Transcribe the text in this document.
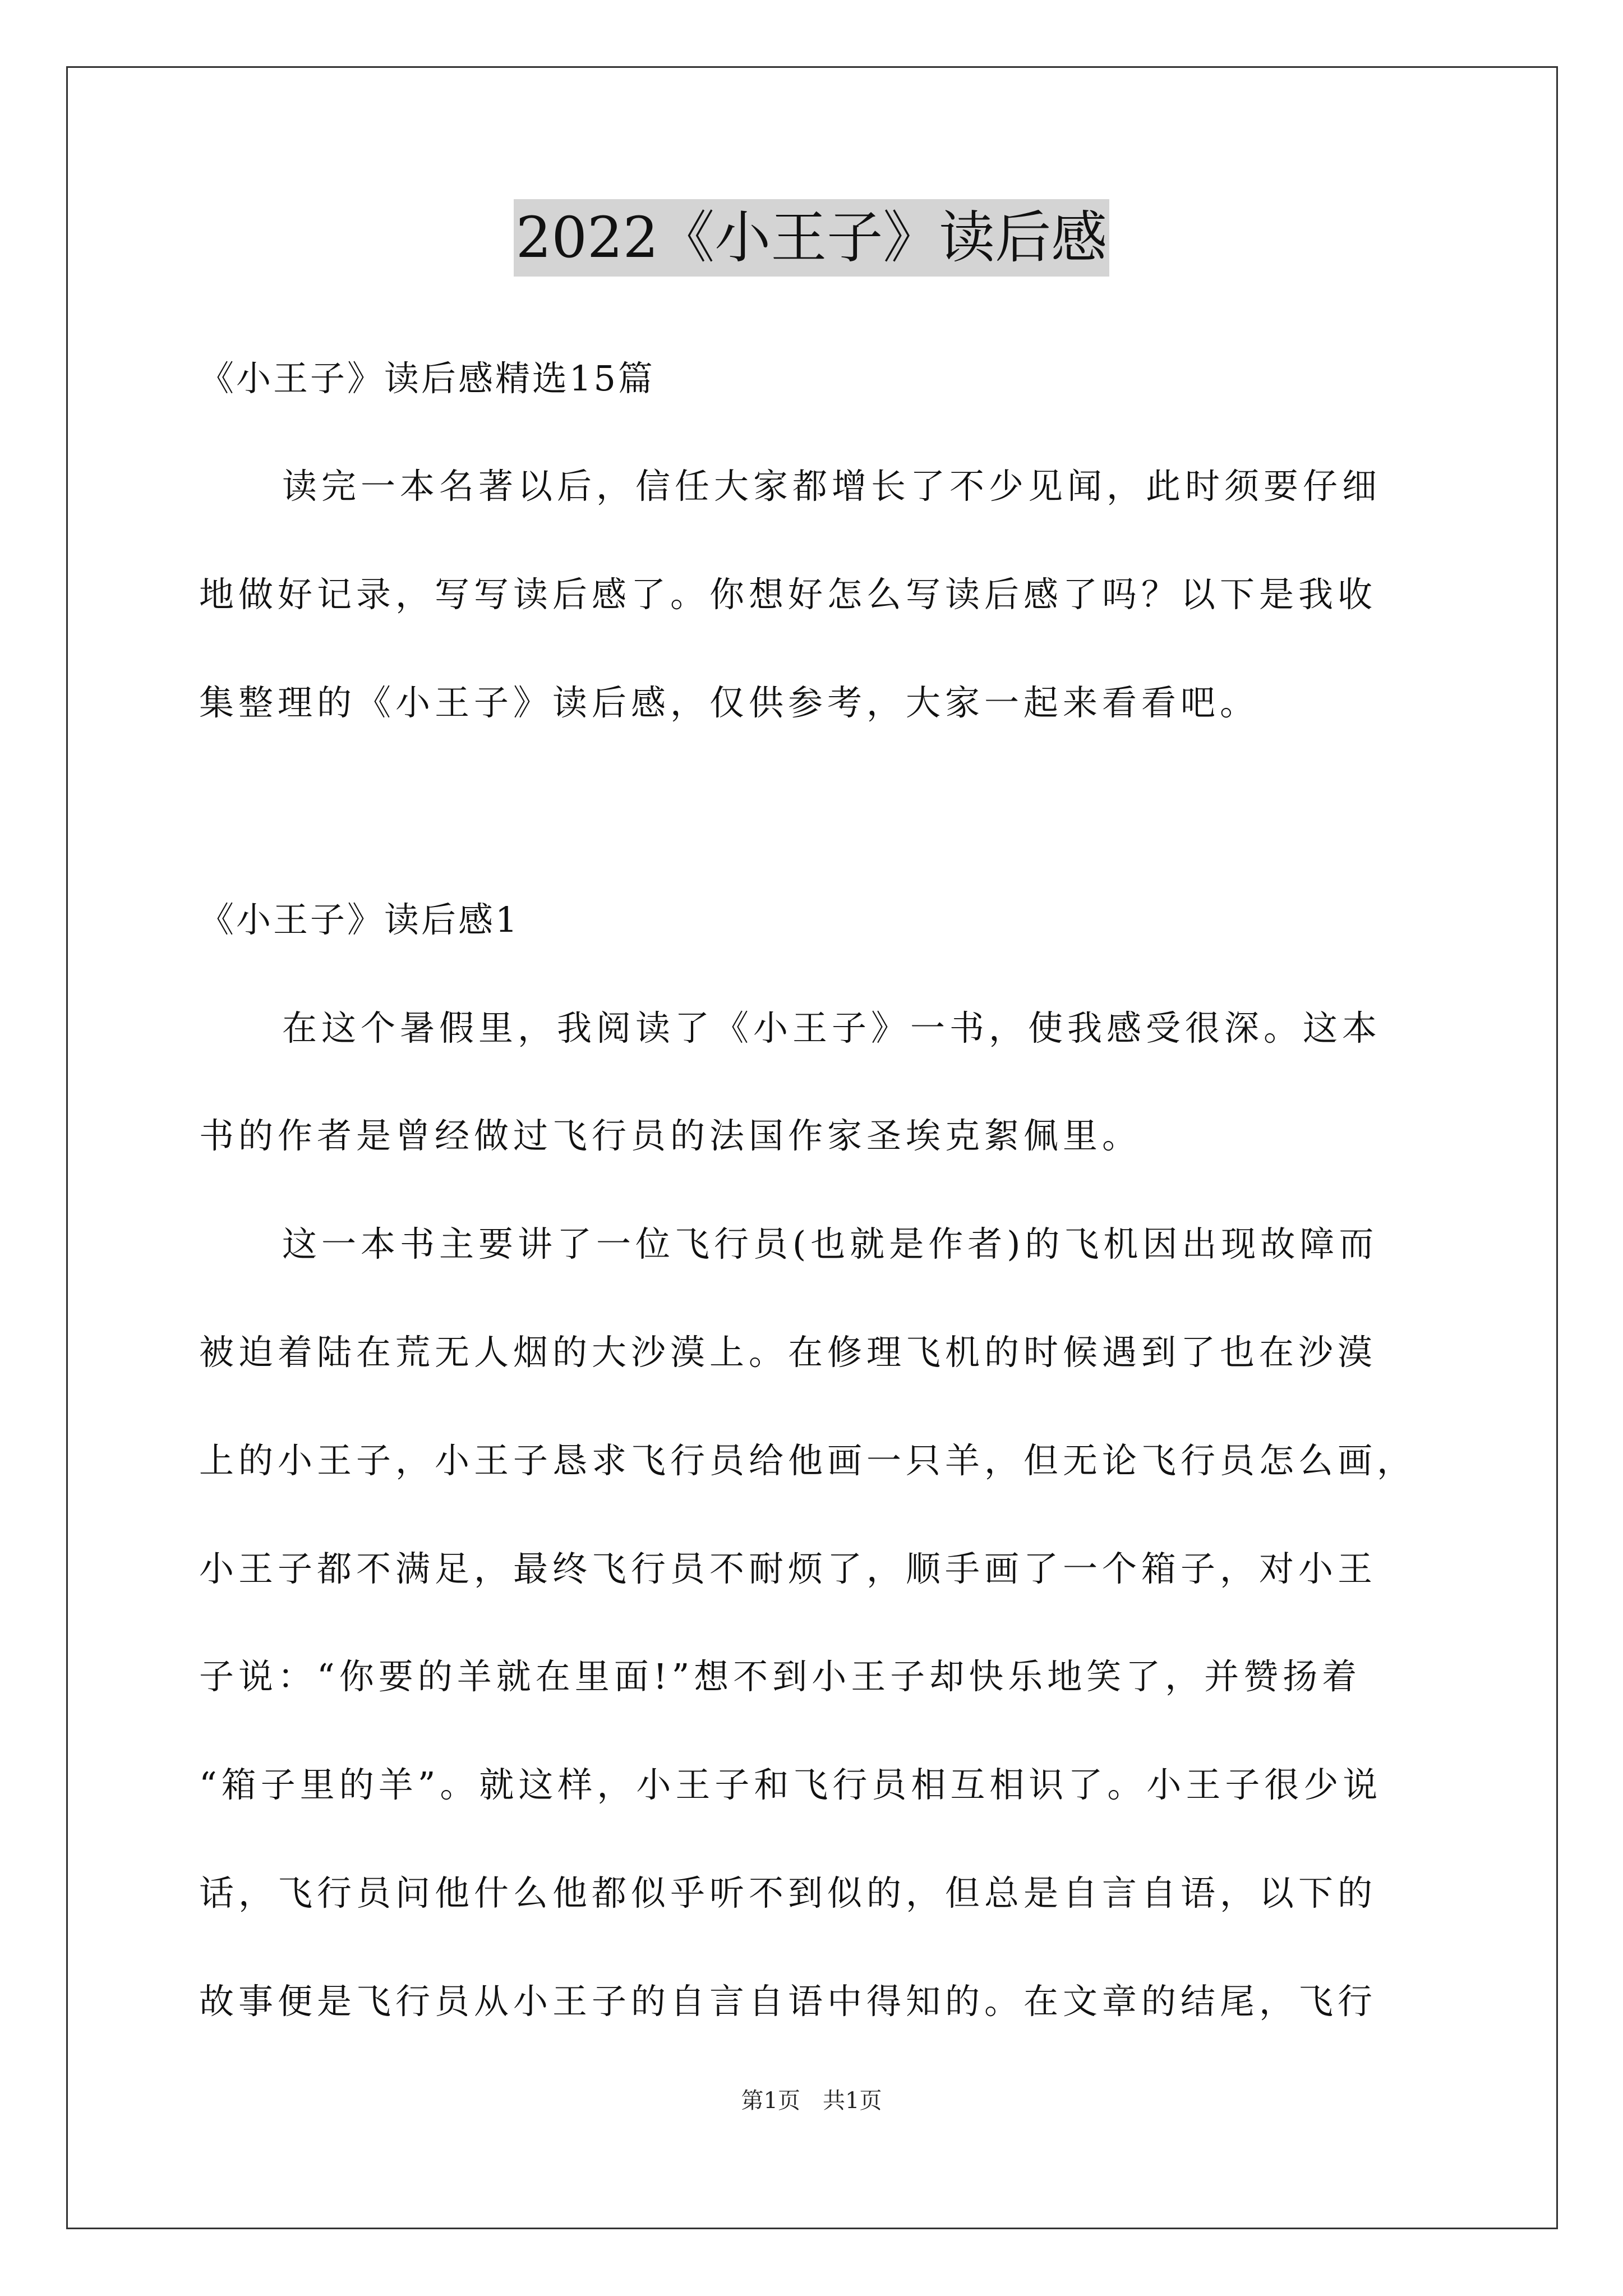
2022《小王子》读后感
《小王子》读后感精选15篇
读完一本名著以后，信任大家都增长了不少见闻，此时须要仔细
地做好记录，写写读后感了。你想好怎么写读后感了吗？以下是我收
集整理的《小王子》读后感，仅供参考，大家一起来看看吧。
《小王子》读后感1
在这个暑假里，我阅读了《小王子》一书，使我感受很深。这本
书的作者是曾经做过飞行员的法国作家圣埃克絮佩里。
这一本书主要讲了一位飞行员(也就是作者)的飞机因出现故障而
被迫着陆在荒无人烟的大沙漠上。在修理飞机的时候遇到了也在沙漠
上的小王子，小王子恳求飞行员给他画一只羊，但无论飞行员怎么画，
小王子都不满足，最终飞行员不耐烦了，顺手画了一个箱子，对小王
子说：“你要的羊就在里面!”想不到小王子却快乐地笑了，并赞扬着
“箱子里的羊”。就这样，小王子和飞行员相互相识了。小王子很少说
话，飞行员问他什么他都似乎听不到似的，但总是自言自语，以下的
故事便是飞行员从小王子的自言自语中得知的。在文章的结尾，飞行
第1页　共1页
